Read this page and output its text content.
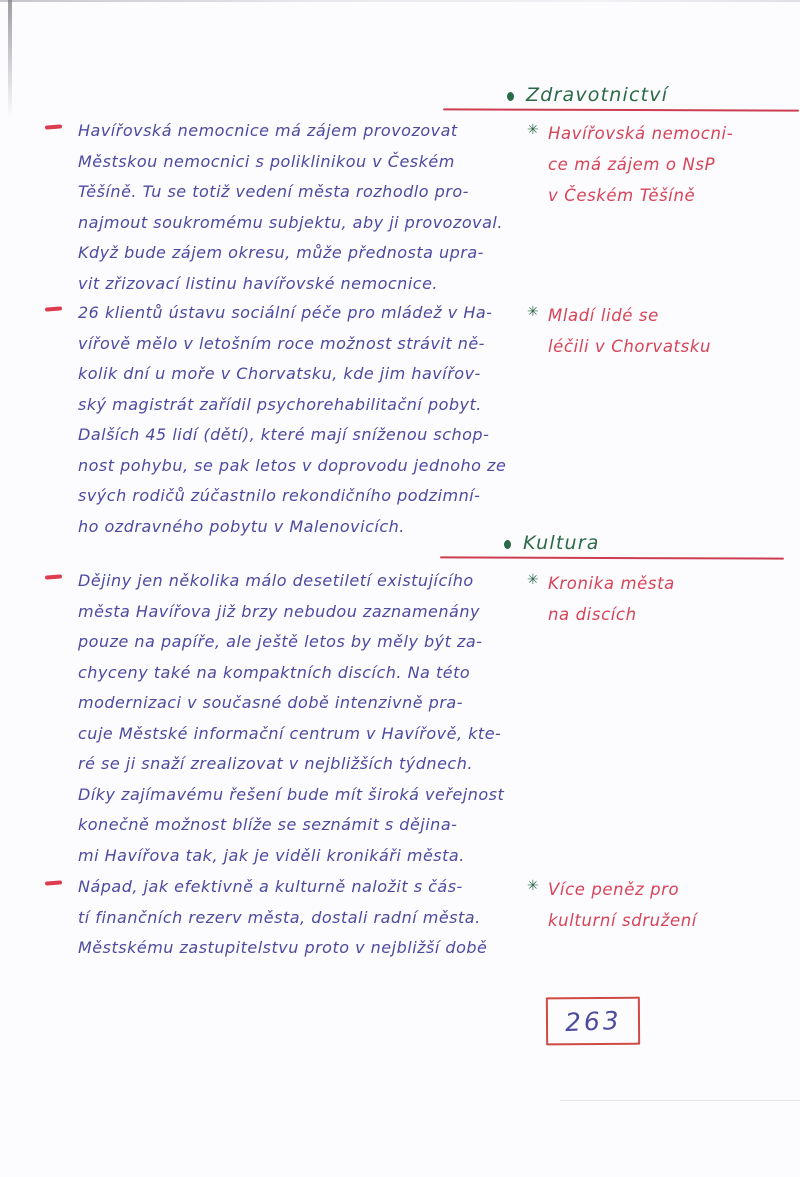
Zdravotnictví
Havířovská nemocnice má zájem provozovat
Městskou nemocnici s poliklinikou v Českém
Těšíně. Tu se totiž vedení města rozhodlo pro-
najmout soukromému subjektu, aby ji provozoval.
Když bude zájem okresu, může přednosta upra-
vit zřizovací listinu havířovské nemocnice.
✳ Havířovská nemocni-
ce má zájem o NsP
v Českém Těšíně
26 klientů ústavu sociální péče pro mládež v Ha-
vířově mělo v letošním roce možnost strávit ně-
kolik dní u moře v Chorvatsku, kde jim havířov-
ský magistrát zařídil psychorehabilitační pobyt.
Dalších 45 lidí (dětí), které mají sníženou schop-
nost pohybu, se pak letos v doprovodu jednoho ze
svých rodičů zúčastnilo rekondičního podzimní-
ho ozdravného pobytu v Malenovicích.
✳ Mladí lidé se
léčili v Chorvatsku
Kultura
Dějiny jen několika málo desetiletí existujícího
města Havířova již brzy nebudou zaznamenány
pouze na papíře, ale ještě letos by měly být za-
chyceny také na kompaktních discích. Na této
modernizaci v současné době intenzivně pra-
cuje Městské informační centrum v Havířově, kte-
ré se ji snaží zrealizovat v nejbližších týdnech.
Díky zajímavému řešení bude mít široká veřejnost
konečně možnost blíže se seznámit s dějina-
mi Havířova tak, jak je viděli kronikáři města.
✳ Kronika města
na discích
Nápad, jak efektivně a kulturně naložit s čás-
tí finančních rezerv města, dostali radní města.
Městskému zastupitelstvu proto v nejbližší době
✳ Více peněz pro
kulturní sdružení
263
